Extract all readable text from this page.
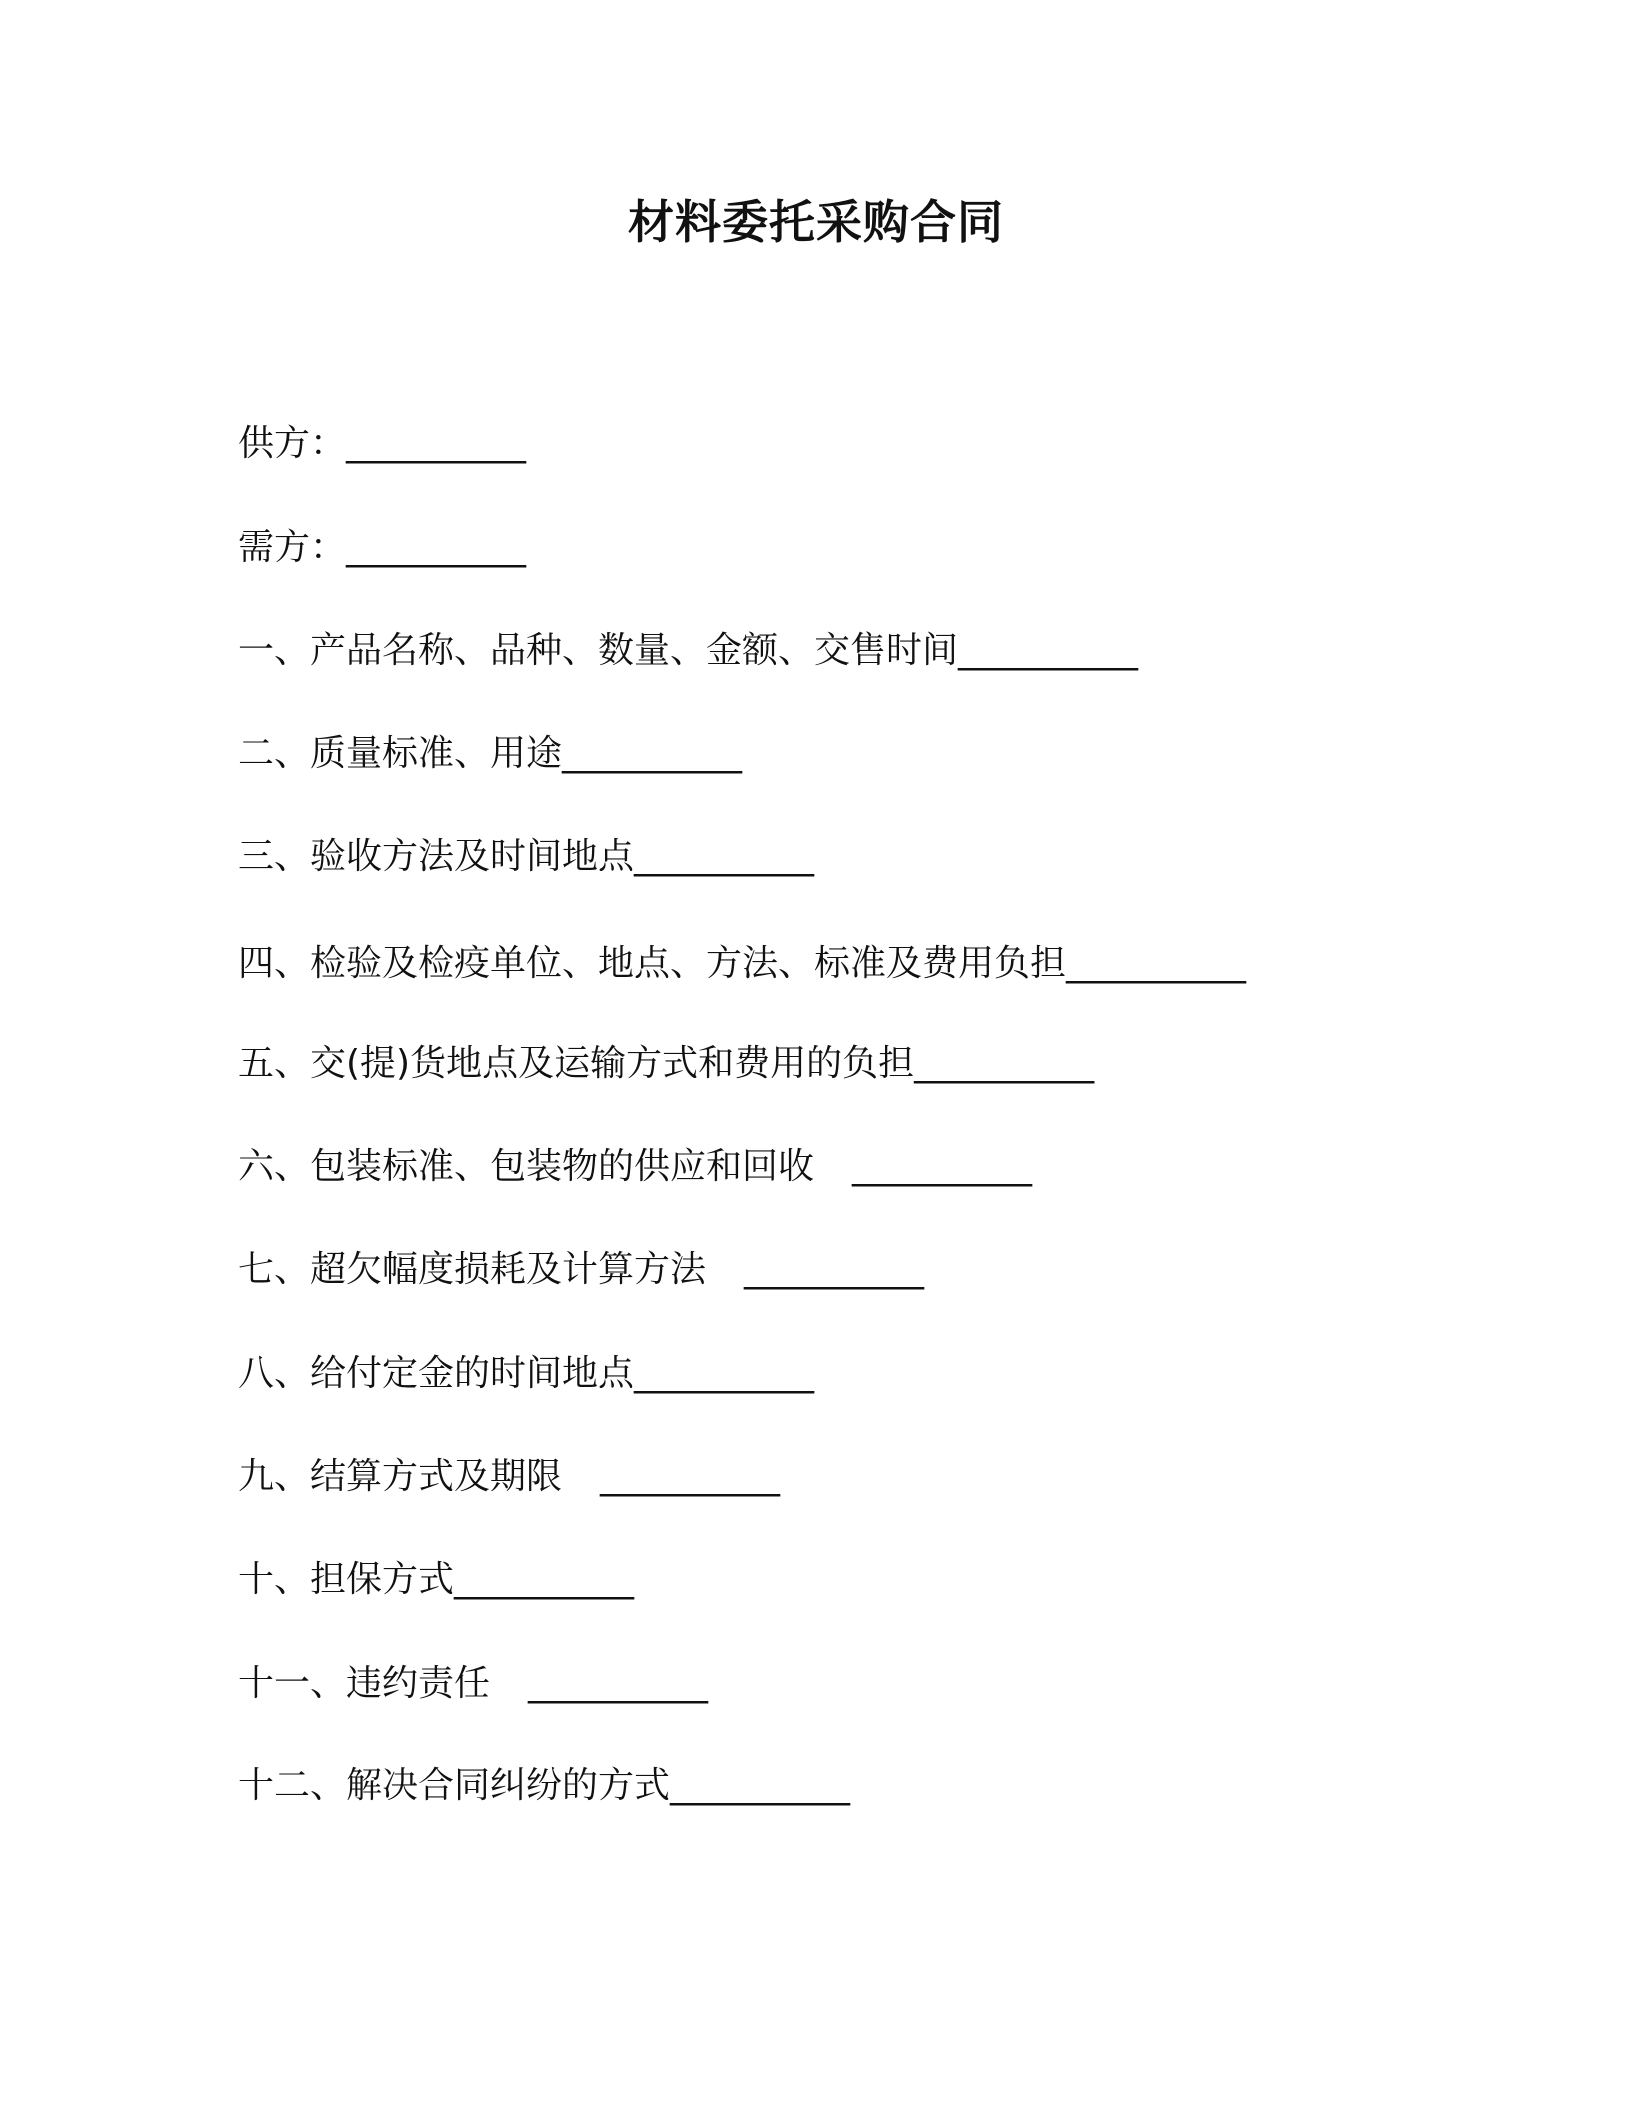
材料委托采购合同
供方：__________
需方：__________
一、产品名称、品种、数量、金额、交售时间__________
二、质量标准、用途__________
三、验收方法及时间地点__________
四、检验及检疫单位、地点、方法、标准及费用负担__________
五、交(提)货地点及运输方式和费用的负担__________
六、包装标准、包装物的供应和回收 __________
七、超欠幅度损耗及计算方法 __________
八、给付定金的时间地点__________
九、结算方式及期限 __________
十、担保方式__________
十一、违约责任 __________
十二、解决合同纠纷的方式__________
